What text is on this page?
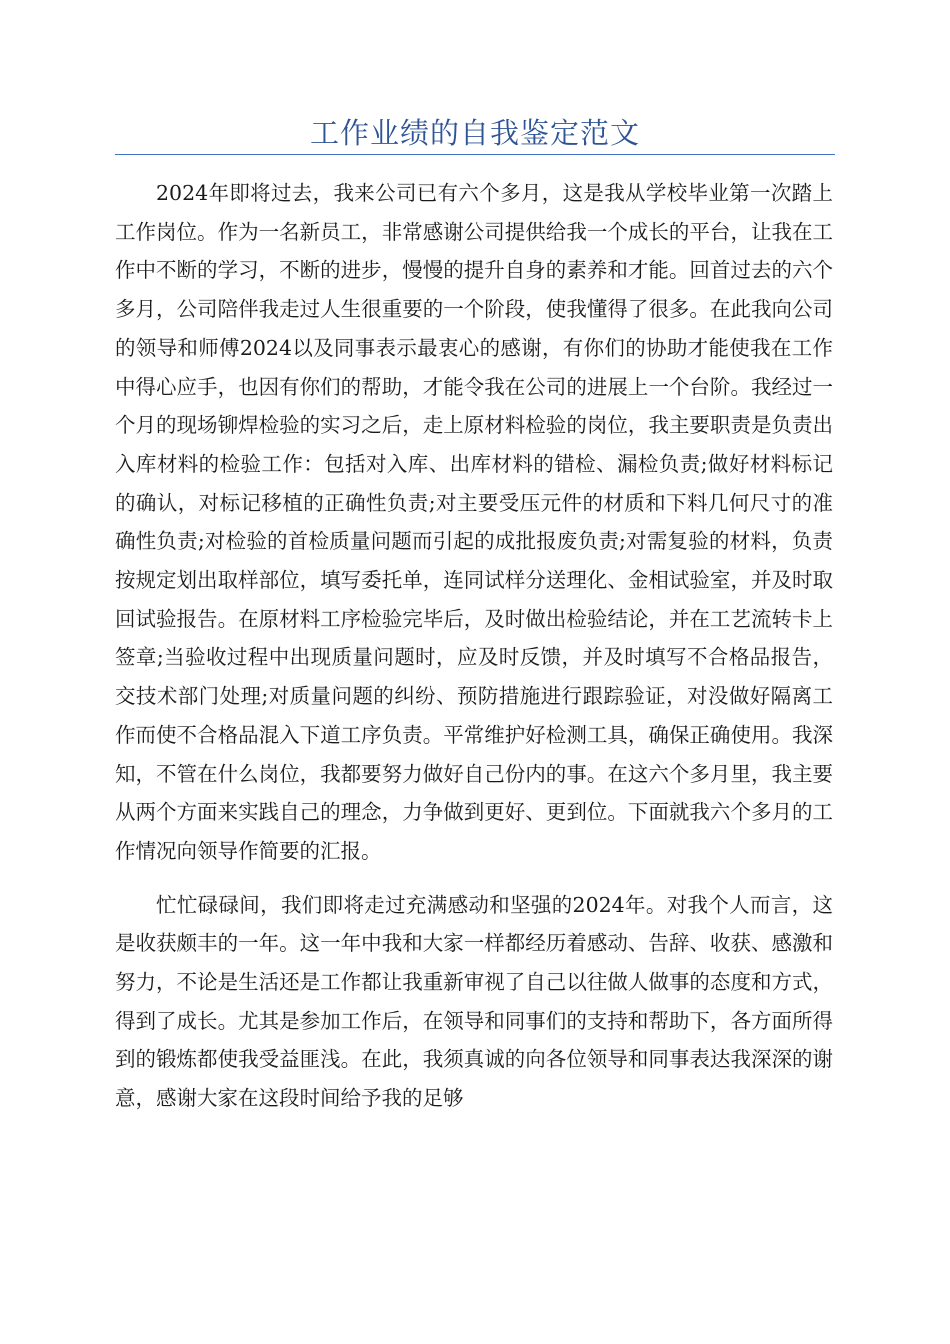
工作业绩的自我鉴定范文

2024年即将过去，我来公司已有六个多月，这是我从学校毕业第一次踏上工作岗位。作为一名新员工，非常感谢公司提供给我一个成长的平台，让我在工作中不断的学习，不断的进步，慢慢的提升自身的素养和才能。回首过去的六个多月，公司陪伴我走过人生很重要的一个阶段，使我懂得了很多。在此我向公司的领导和师傅2024以及同事表示最衷心的感谢，有你们的协助才能使我在工作中得心应手，也因有你们的帮助，才能令我在公司的进展上一个台阶。我经过一个月的现场铆焊检验的实习之后，走上原材料检验的岗位，我主要职责是负责出入库材料的检验工作：包括对入库、出库材料的错检、漏检负责;做好材料标记的确认，对标记移植的正确性负责;对主要受压元件的材质和下料几何尺寸的准确性负责;对检验的首检质量问题而引起的成批报废负责;对需复验的材料，负责按规定划出取样部位，填写委托单，连同试样分送理化、金相试验室，并及时取回试验报告。在原材料工序检验完毕后，及时做出检验结论，并在工艺流转卡上签章;当验收过程中出现质量问题时，应及时反馈，并及时填写不合格品报告，交技术部门处理;对质量问题的纠纷、预防措施进行跟踪验证，对没做好隔离工作而使不合格品混入下道工序负责。平常维护好检测工具，确保正确使用。我深知，不管在什么岗位，我都要努力做好自己份内的事。在这六个多月里，我主要从两个方面来实践自己的理念，力争做到更好、更到位。下面就我六个多月的工作情况向领导作简要的汇报。

忙忙碌碌间，我们即将走过充满感动和坚强的2024年。对我个人而言，这是收获颇丰的一年。这一年中我和大家一样都经历着感动、告辞、收获、感激和努力，不论是生活还是工作都让我重新审视了自己以往做人做事的态度和方式，得到了成长。尤其是参加工作后，在领导和同事们的支持和帮助下，各方面所得到的锻炼都使我受益匪浅。在此，我须真诚的向各位领导和同事表达我深深的谢意，感谢大家在这段时间给予我的足够
